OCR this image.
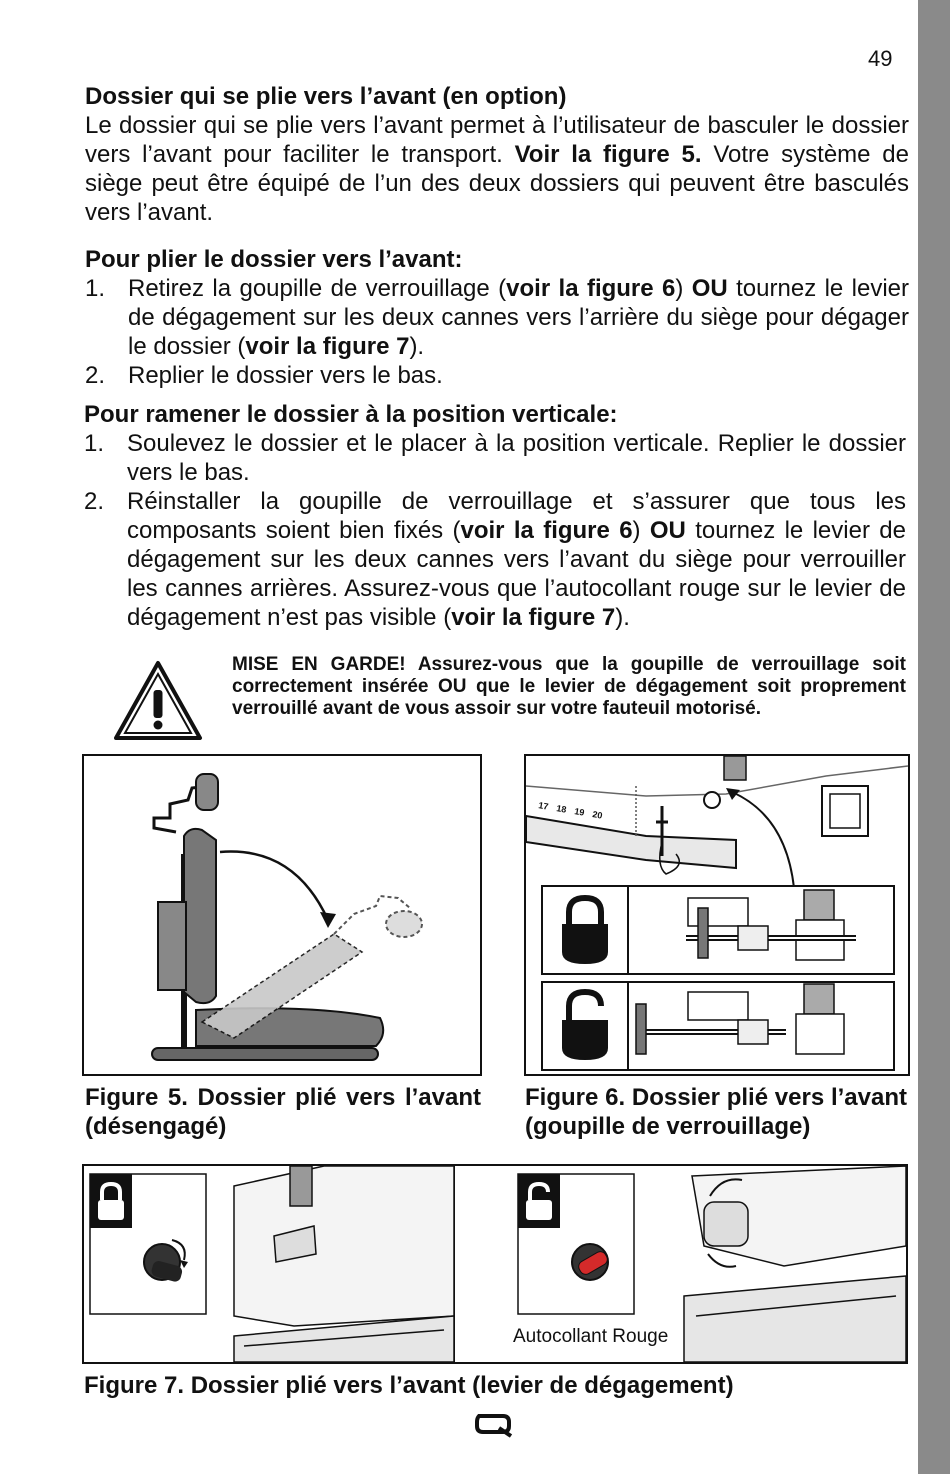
49
Dossier qui se plie vers l’avant (en option)

Le dossier qui se plie vers l’avant permet à l’utilisateur de basculer le dossier vers l’avant pour faciliter le transport. Voir la figure 5. Votre système de siège peut être équipé de l’un des deux dossiers qui peuvent être basculés vers l’avant.

Pour plier le dossier vers l’avant:
1. Retirez la goupille de verrouillage (voir la figure 6) OU tournez le levier de dégagement sur les deux cannes vers l’arrière du siège pour dégager le dossier (voir la figure 7).
2. Replier le dossier vers le bas.
Pour ramener le dossier à la position verticale:
1. Soulevez le dossier et le placer à la position verticale. Replier le dossier vers le bas.
2. Réinstaller la goupille de verrouillage et s’assurer que tous les composants soient bien fixés (voir la figure 6) OU tournez le levier de dégagement sur les deux cannes vers l’avant du siège pour verrouiller les cannes arrières. Assurez-vous que l’autocollant rouge sur le levier de dégagement n’est pas visible (voir la figure 7).
MISE EN GARDE! Assurez-vous que la goupille de verrouillage soit correctement insérée OU que le levier de dégagement soit proprement verrouillé avant de vous assoir sur votre fauteuil motorisé.
Figure 5. Dossier plié vers l’avant (désengagé)
17 18 19 20
Figure 6. Dossier plié vers l’avant (goupille de verrouillage)
Autocollant Rouge
Figure 7. Dossier plié vers l’avant (levier de dégagement)
